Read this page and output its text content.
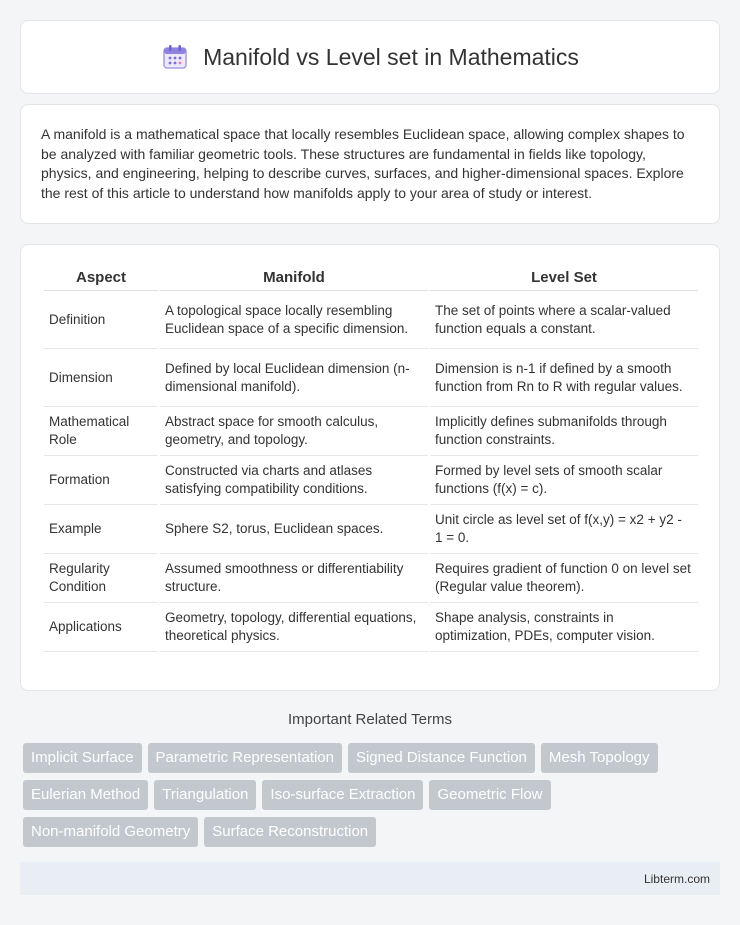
Manifold vs Level set in Mathematics

A manifold is a mathematical space that locally resembles Euclidean space, allowing complex shapes to be analyzed with familiar geometric tools. These structures are fundamental in fields like topology, physics, and engineering, helping to describe curves, surfaces, and higher-dimensional spaces. Explore the rest of this article to understand how manifolds apply to your area of study or interest.

Aspect	Manifold	Level Set
Definition	A topological space locally resembling Euclidean space of a specific dimension.	The set of points where a scalar-valued function equals a constant.
Dimension	Defined by local Euclidean dimension (n-dimensional manifold).	Dimension is n-1 if defined by a smooth function from Rn to R with regular values.
Mathematical Role	Abstract space for smooth calculus, geometry, and topology.	Implicitly defines submanifolds through function constraints.
Formation	Constructed via charts and atlases satisfying compatibility conditions.	Formed by level sets of smooth scalar functions (f(x) = c).
Example	Sphere S2, torus, Euclidean spaces.	Unit circle as level set of f(x,y) = x2 + y2 - 1 = 0.
Regularity Condition	Assumed smoothness or differentiability structure.	Requires gradient of function 0 on level set (Regular value theorem).
Applications	Geometry, topology, differential equations, theoretical physics.	Shape analysis, constraints in optimization, PDEs, computer vision.
Important Related Terms
Implicit Surface	Parametric Representation	Signed Distance Function	Mesh Topology
Eulerian Method	Triangulation	Iso-surface Extraction	Geometric Flow
Non-manifold Geometry	Surface Reconstruction
Libterm.com
